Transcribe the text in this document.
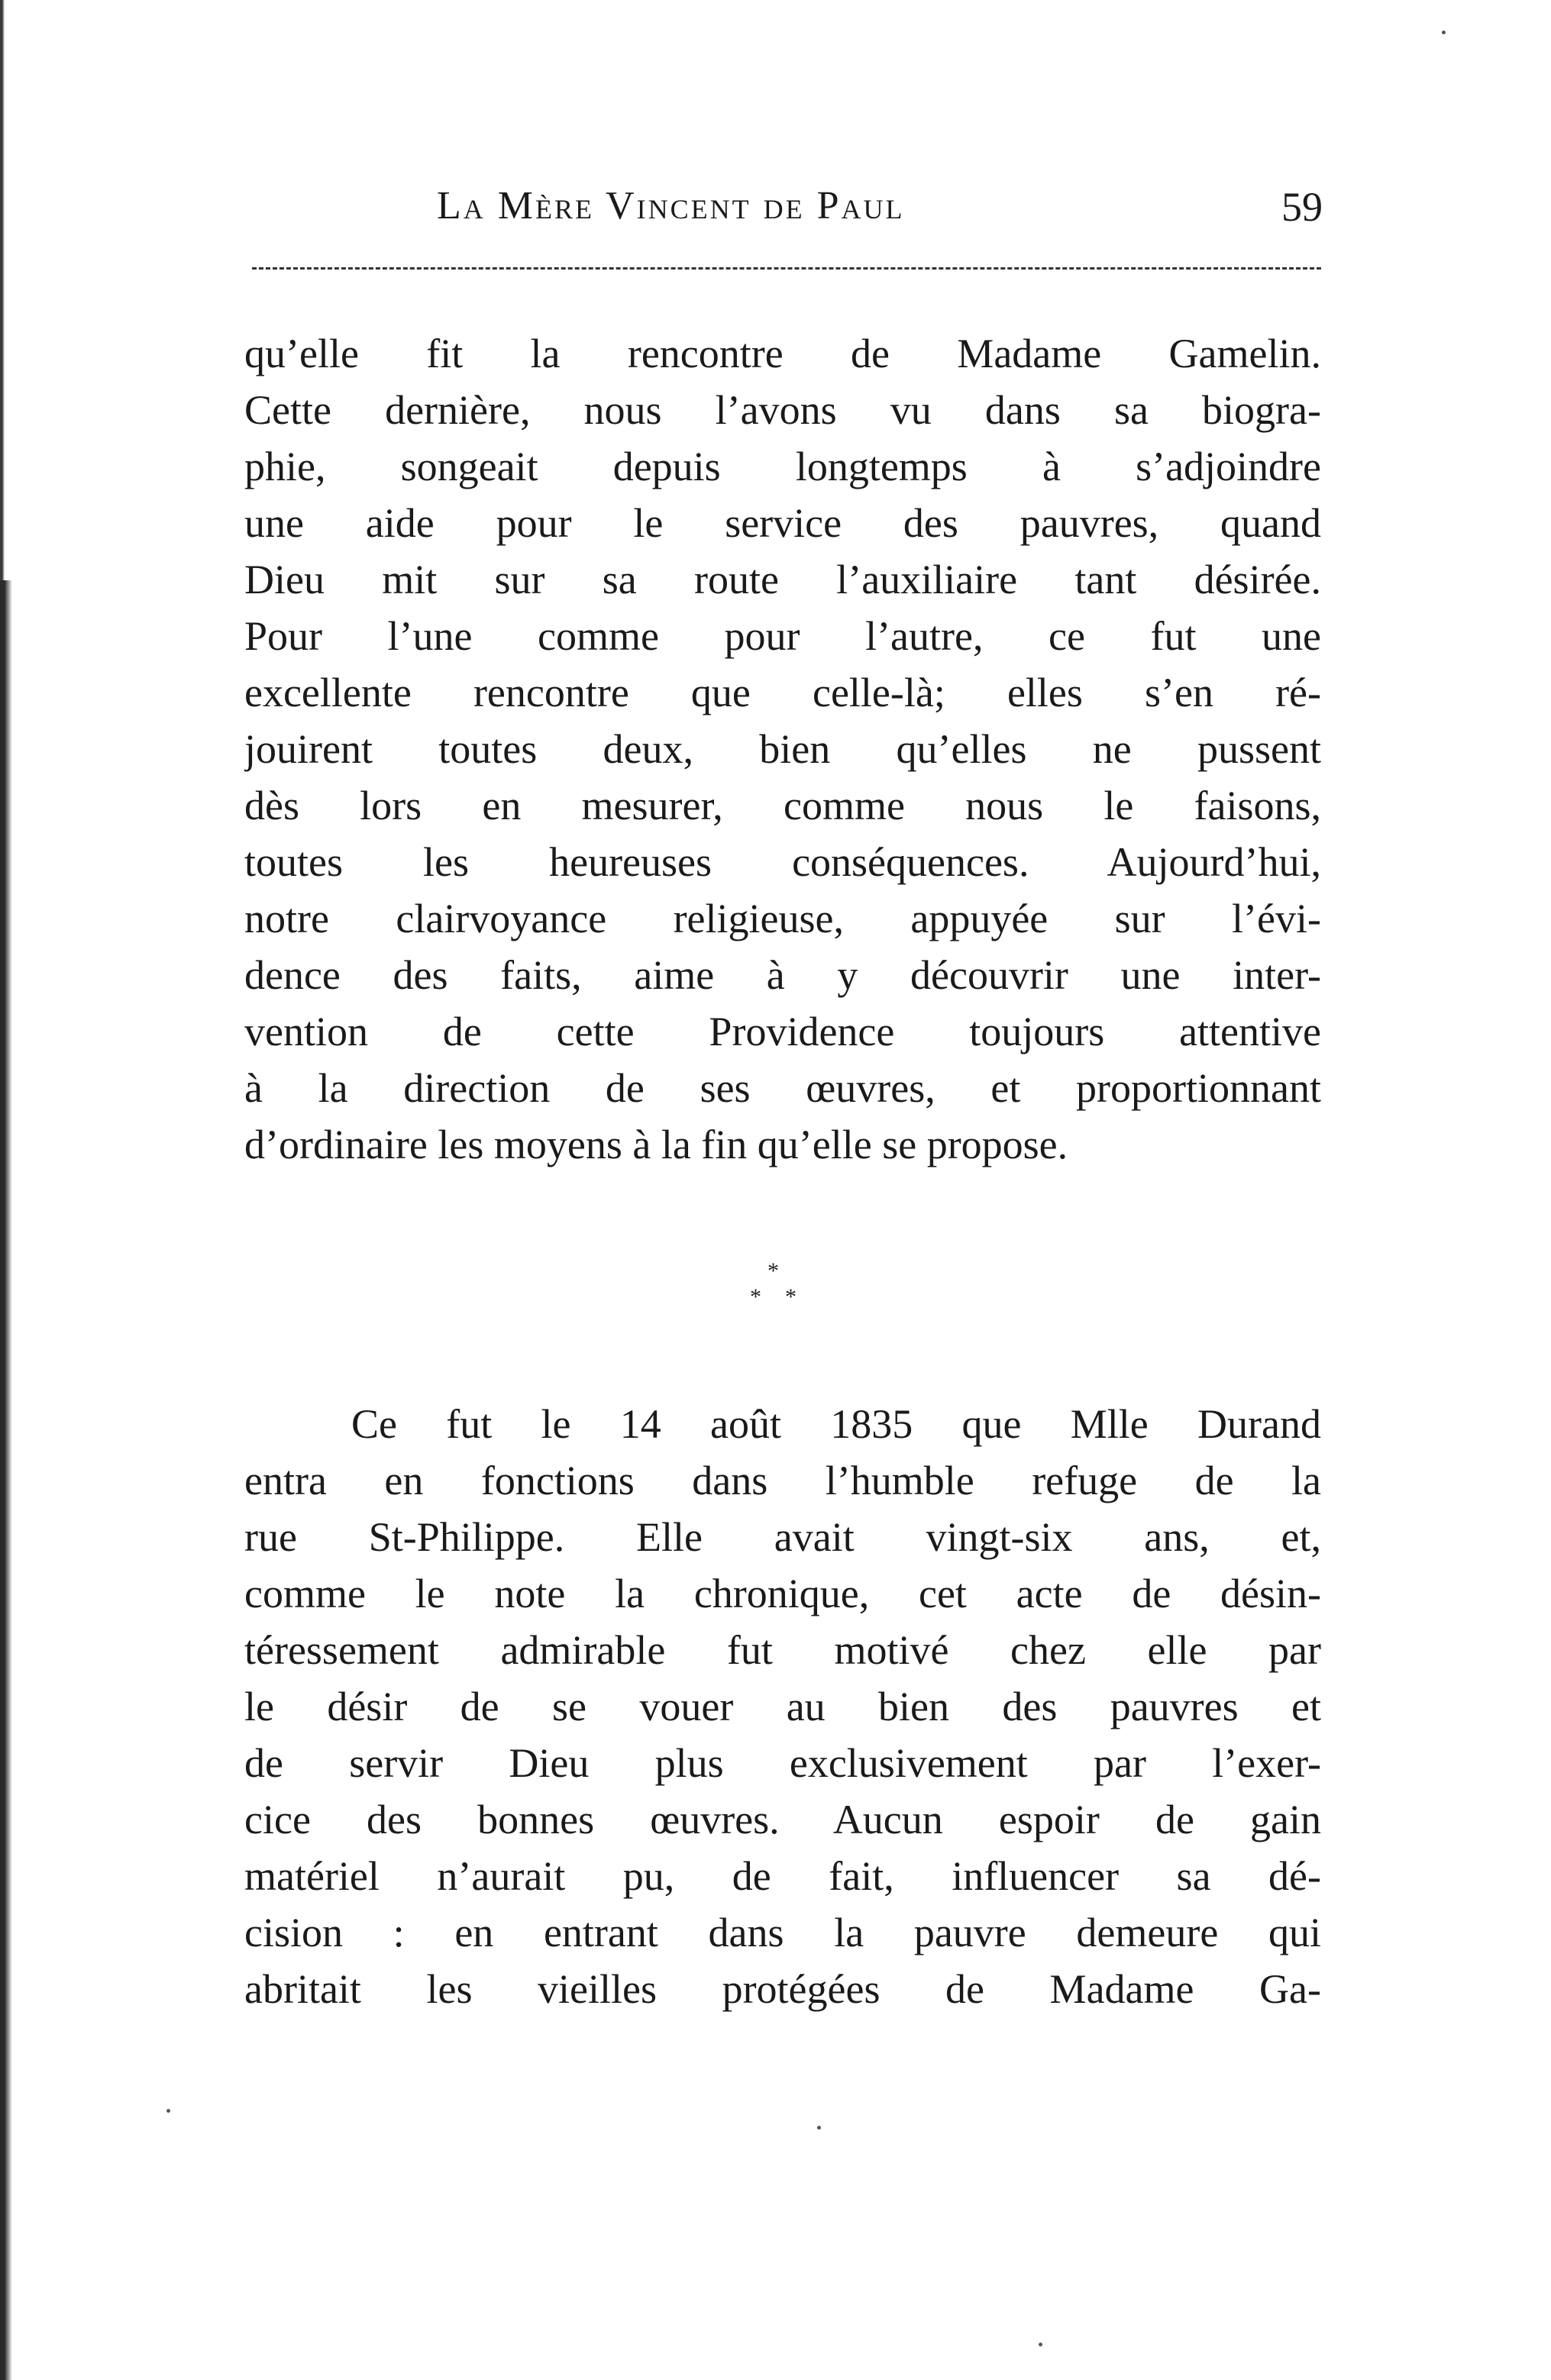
La Mère Vincent de Paul	59
qu’elle fit la rencontre de Madame Gamelin.
Cette dernière, nous l’avons vu dans sa biogra-
phie, songeait depuis longtemps à s’adjoindre
une aide pour le service des pauvres, quand
Dieu mit sur sa route l’auxiliaire tant désirée.
Pour l’une comme pour l’autre, ce fut une
excellente rencontre que celle-là; elles s’en ré-
jouirent toutes deux, bien qu’elles ne pussent
dès lors en mesurer, comme nous le faisons,
toutes les heureuses conséquences. Aujourd’hui,
notre clairvoyance religieuse, appuyée sur l’évi-
dence des faits, aime à y découvrir une inter-
vention de cette Providence toujours attentive
à la direction de ses œuvres, et proportionnant
d’ordinaire les moyens à la fin qu’elle se propose.
*
* *
Ce fut le 14 août 1835 que Mlle Durand
entra en fonctions dans l’humble refuge de la
rue St-Philippe. Elle avait vingt-six ans, et,
comme le note la chronique, cet acte de désin-
téressement admirable fut motivé chez elle par
le désir de se vouer au bien des pauvres et
de servir Dieu plus exclusivement par l’exer-
cice des bonnes œuvres. Aucun espoir de gain
matériel n’aurait pu, de fait, influencer sa dé-
cision : en entrant dans la pauvre demeure qui
abritait les vieilles protégées de Madame Ga-
